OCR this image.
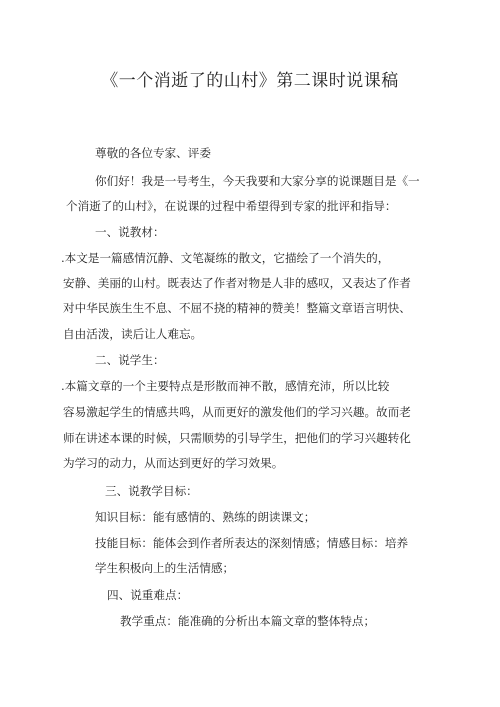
《一个消逝了的山村》第二课时说课稿
尊敬的各位专家、评委
你们好！我是一号考生，今天我要和大家分享的说课题目是《一
个消逝了的山村》，在说课的过程中希望得到专家的批评和指导：
一、说教材：
.本文是一篇感情沉静、文笔凝练的散文，它描绘了一个消失的，
安静、美丽的山村。既表达了作者对物是人非的感叹，又表达了作者
对中华民族生生不息、不屈不挠的精神的赞美！整篇文章语言明快、
自由活泼，读后让人难忘。
二、说学生：
.本篇文章的一个主要特点是形散而神不散，感情充沛，所以比较
容易激起学生的情感共鸣，从而更好的激发他们的学习兴趣。故而老
师在讲述本课的时候，只需顺势的引导学生，把他们的学习兴趣转化
为学习的动力，从而达到更好的学习效果。
三、说教学目标：
知识目标：能有感情的、熟练的朗读课文；
技能目标：能体会到作者所表达的深刻情感；情感目标：培养
学生积极向上的生活情感；
四、说重难点：
教学重点：能准确的分析出本篇文章的整体特点；
